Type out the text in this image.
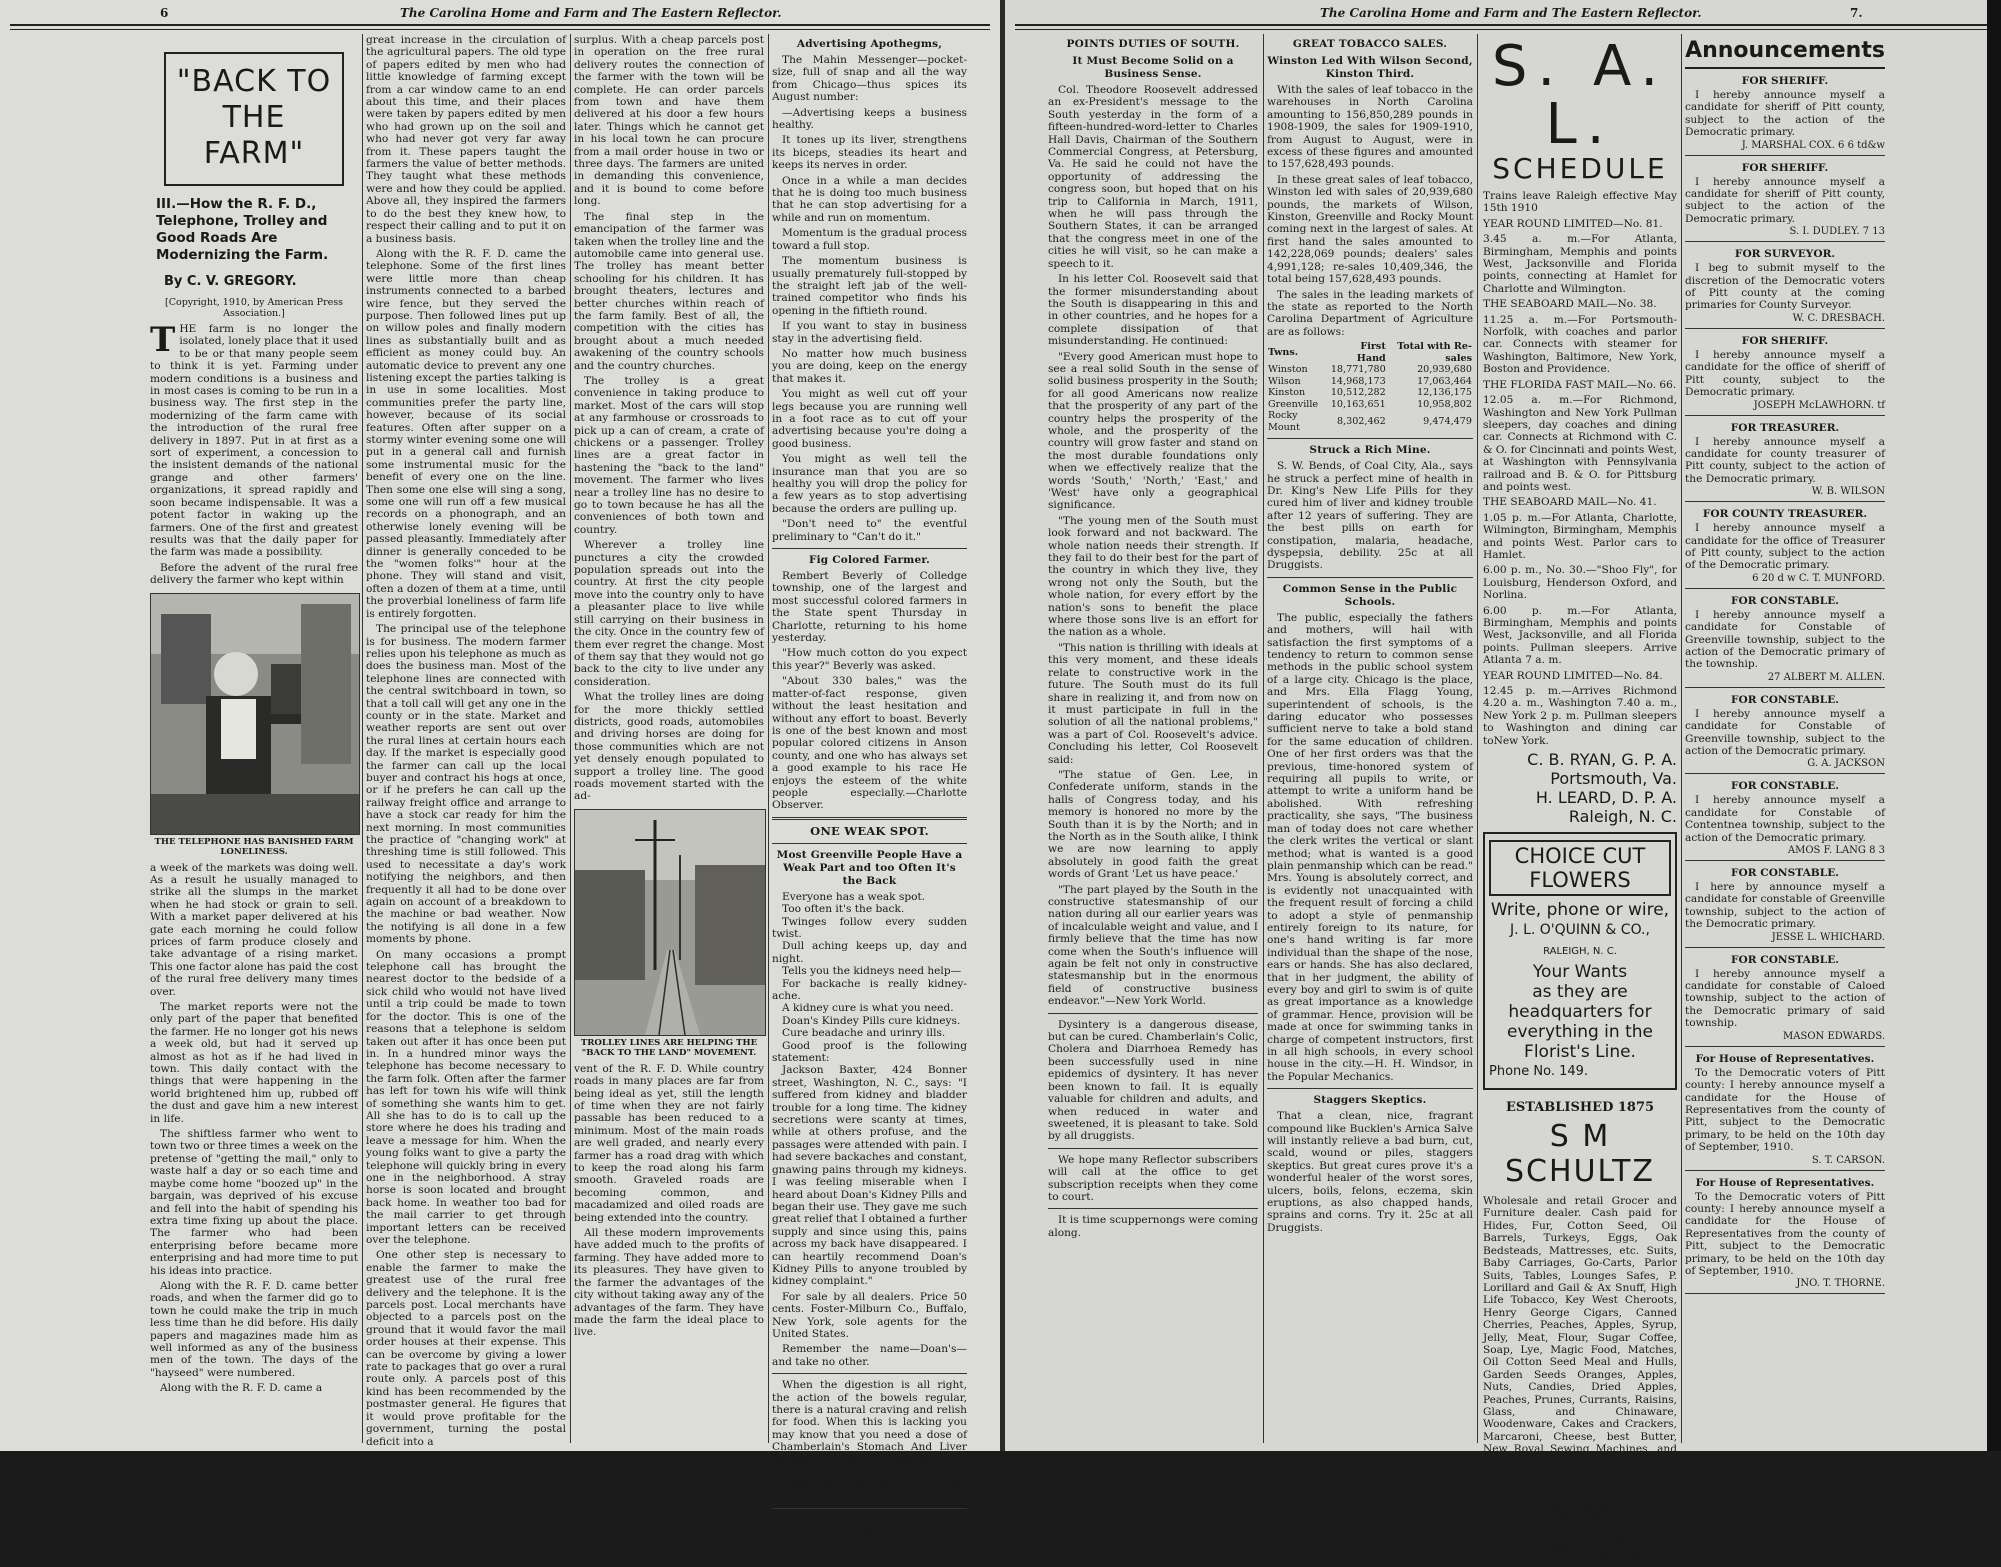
6	The Carolina Home and Farm and The Eastern Reflector.
"BACK TO
THE FARM"
III.—How the R. F. D., Telephone, Trolley and Good Roads Are Modernizing the Farm.
By C. V. GREGORY.
[Copyright, 1910, by American Press Association.]

THE farm is no longer the isolated, lonely place that it used to be or that many people seem to think it is yet. Farming under modern conditions is a business and in most cases is coming to be run in a business way. The first step in the modernizing of the farm came with the introduction of the rural free delivery in 1897. Put in at first as a sort of experiment, a concession to the insistent demands of the national grange and other farmers' organizations, it spread rapidly and soon became indispensable. It was a potent factor in waking up the farmers. One of the first and greatest results was that the daily paper for the farm was made a possibility.

Before the advent of the rural free delivery the farmer who kept within

THE TELEPHONE HAS BANISHED FARM LONELINESS.

a week of the markets was doing well. As a result he usually managed to strike all the slumps in the market when he had stock or grain to sell. With a market paper delivered at his gate each morning he could follow prices of farm produce closely and take advantage of a rising market. This one factor alone has paid the cost of the rural free delivery many times over.

The market reports were not the only part of the paper that benefited the farmer. He no longer got his news a week old, but had it served up almost as hot as if he had lived in town. This daily contact with the things that were happening in the world brightened him up, rubbed off the dust and gave him a new interest in life.

The shiftless farmer who went to town two or three times a week on the pretense of "getting the mail," only to waste half a day or so each time and maybe come home "boozed up" in the bargain, was deprived of his excuse and fell into the habit of spending his extra time fixing up about the place. The farmer who had been enterprising before became more enterprising and had more time to put his ideas into practice.

Along with the R. F. D. came better roads, and when the farmer did go to town he could make the trip in much less time than he did before. His daily papers and magazines made him as well informed as any of the business men of the town. The days of the "hayseed" were numbered.

Along with the R. F. D. came a

great increase in the circulation of the agricultural papers. The old type of papers edited by men who had little knowledge of farming except from a car window came to an end about this time, and their places were taken by papers edited by men who had grown up on the soil and who had never got very far away from it. These papers taught the farmers the value of better methods. They taught what these methods were and how they could be applied. Above all, they inspired the farmers to do the best they knew how, to respect their calling and to put it on a business basis.

Along with the R. F. D. came the telephone. Some of the first lines were little more than cheap instruments connected to a barbed wire fence, but they served the purpose. Then followed lines put up on willow poles and finally modern lines as substantially built and as efficient as money could buy. An automatic device to prevent any one listening except the parties talking is in use in some localities. Most communities prefer the party line, however, because of its social features. Often after supper on a stormy winter evening some one will put in a general call and furnish some instrumental music for the benefit of every one on the line. Then some one else will sing a song, some one will run off a few musical records on a phonograph, and an otherwise lonely evening will be passed pleasantly. Immediately after dinner is generally conceded to be the "women folks'" hour at the phone. They will stand and visit, often a dozen of them at a time, until the proverbial loneliness of farm life is entirely forgotten.

The principal use of the telephone is for business. The modern farmer relies upon his telephone as much as does the business man. Most of the telephone lines are connected with the central switchboard in town, so that a toll call will get any one in the county or in the state. Market and weather reports are sent out over the rural lines at certain hours each day. If the market is especially good the farmer can call up the local buyer and contract his hogs at once, or if he prefers he can call up the railway freight office and arrange to have a stock car ready for him the next morning. In most communities the practice of "changing work" at threshing time is still followed. This used to necessitate a day's work notifying the neighbors, and then frequently it all had to be done over again on account of a breakdown to the machine or bad weather. Now the notifying is all done in a few moments by phone.

On many occasions a prompt telephone call has brought the nearest doctor to the bedside of a sick child who would not have lived until a trip could be made to town for the doctor. This is one of the reasons that a telephone is seldom taken out after it has once been put in. In a hundred minor ways the telephone has become necessary to the farm folk. Often after the farmer has left for town his wife will think of something she wants him to get. All she has to do is to call up the store where he does his trading and leave a message for him. When the young folks want to give a party the telephone will quickly bring in every one in the neighborhood. A stray horse is soon located and brought back home. In weather too bad for the mail carrier to get through important letters can be received over the telephone.

One other step is necessary to enable the farmer to make the greatest use of the rural free delivery and the telephone. It is the parcels post. Local merchants have objected to a parcels post on the ground that it would favor the mail order houses at their expense. This can be overcome by giving a lower rate to packages that go over a rural route only. A parcels post of this kind has been recommended by the postmaster general. He figures that it would prove profitable for the government, turning the postal deficit into a

surplus. With a cheap parcels post in operation on the free rural delivery routes the connection of the farmer with the town will be complete. He can order parcels from town and have them delivered at his door a few hours later. Things which he cannot get in his local town he can procure from a mail order house in two or three days. The farmers are united in demanding this convenience, and it is bound to come before long.

The final step in the emancipation of the farmer was taken when the trolley line and the automobile came into general use. The trolley has meant better schooling for his children. It has brought theaters, lectures and better churches within reach of the farm family. Best of all, the competition with the cities has brought about a much needed awakening of the country schools and the country churches.

The trolley is a great convenience in taking produce to market. Most of the cars will stop at any farmhouse or crossroads to pick up a can of cream, a crate of chickens or a passenger. Trolley lines are a great factor in hastening the "back to the land" movement. The farmer who lives near a trolley line has no desire to go to town because he has all the conveniences of both town and country.

Wherever a trolley line punctures a city the crowded population spreads out into the country. At first the city people move into the country only to have a pleasanter place to live while still carrying on their business in the city. Once in the country few of them ever regret the change. Most of them say that they would not go back to the city to live under any consideration.

What the trolley lines are doing for the more thickly settled districts, good roads, automobiles and driving horses are doing for those communities which are not yet densely enough populated to support a trolley line. The good roads movement started with the ad-

TROLLEY LINES ARE HELPING THE "BACK TO THE LAND" MOVEMENT.

vent of the R. F. D. While country roads in many places are far from being ideal as yet, still the length of time when they are not fairly passable has been reduced to a minimum. Most of the main roads are well graded, and nearly every farmer has a road drag with which to keep the road along his farm smooth. Graveled roads are becoming common, and macadamized and oiled roads are being extended into the country.

All these modern improvements have added much to the profits of farming. They have added more to its pleasures. They have given to the farmer the advantages of the city without taking away any of the advantages of the farm. They have made the farm the ideal place to live.

Advertising Apothegms,

The Mahin Messenger—pocket-size, full of snap and all the way from Chicago—thus spices its August number:

—Advertising keeps a business healthy.

It tones up its liver, strengthens its biceps, steadies its heart and keeps its nerves in order.

Once in a while a man decides that he is doing too much business that he can stop advertising for a while and run on momentum.

Momentum is the gradual process toward a full stop.

The momentum business is usually prematurely full-stopped by the straight left jab of the well-trained competitor who finds his opening in the fiftieth round.

If you want to stay in business stay in the advertising field.

No matter how much business you are doing, keep on the energy that makes it.

You might as well cut off your legs because you are running well in a foot race as to cut off your advertising because you're doing a good business.

You might as well tell the insurance man that you are so healthy you will drop the policy for a few years as to stop advertising because the orders are pulling up.

"Don't need to" the eventful preliminary to "Can't do it."

Fig Colored Farmer.

Rembert Beverly of Colledge township, one of the largest and most successful colored farmers in the State spent Thursday in Charlotte, returning to his home yesterday.

"How much cotton do you expect this year?" Beverly was asked.

"About 330 bales," was the matter-of-fact response, given without the least hesitation and without any effort to boast. Beverly is one of the best known and most popular colored citizens in Anson county, and one who has always set a good example to his race He enjoys the esteem of the white people especially.—Charlotte Observer.

ONE WEAK SPOT.
Most Greenville People Have a Weak Part and too Often It's the Back

Everyone has a weak spot.

Too often it's the back.

Twinges follow every sudden twist.

Dull aching keeps up, day and night.

Tells you the kidneys need help—

For backache is really kidney-ache.

A kidney cure is what you need.

Doan's Kindey Pills cure kidneys.

Cure beadache and urinry ills.

Good proof is the following statement:

Jackson Baxter, 424 Bonner street, Washington, N. C., says: "I suffered from kidney and bladder trouble for a long time. The kidney secretions were scanty at times, while at others profuse, and the passages were attended with pain. I had severe backaches and constant, gnawing pains through my kidneys. I was feeling miserable when I heard about Doan's Kidney Pills and began their use. They gave me such great relief that I obtained a further supply and since using this, pains across my back have disappeared. I can heartily recommend Doan's Kidney Pills to anyone troubled by kidney complaint."

For sale by all dealers. Price 50 cents. Foster-Milburn Co., Buffalo, New York, sole agents for the United States.

Remember the name—Doan's—and take no other.

When the digestion is all right, the action of the bowels regular, there is a natural craving and relish for food. When this is lacking you may know that you need a dose of Chamberlain's Stomach And Liver Tablets. They strengthen the digestive organs, improve the appetite and regulate the bowels. Sold by all druggists.

Our Greenville, Yours if You Come.
The Carolina Home and Farm and The Eastern Reflector.	7.
POINTS DUTIES OF SOUTH.
It Must Become Solid on a Business Sense.

Col. Theodore Roosevelt addressed an ex-President's message to the South yesterday in the form of a fifteen-hundred-word-letter to Charles Hall Davis, Chairman of the Southern Commercial Congress, at Petersburg, Va. He said he could not have the opportunity of addressing the congress soon, but hoped that on his trip to California in March, 1911, when he will pass through the Southern States, it can be arranged that the congress meet in one of the cities he will visit, so he can make a speech to it.

In his letter Col. Roosevelt said that the former misunderstanding about the South is disappearing in this and in other countries, and he hopes for a complete dissipation of that misunderstanding. He continued:

"Every good American must hope to see a real solid South in the sense of solid business prosperity in the South; for all good Americans now realize that the prosperity of any part of the country helps the prosperity of the whole, and the prosperity of the country will grow faster and stand on the most durable foundations only when we effectively realize that the words 'South,' 'North,' 'East,' and 'West' have only a geographical significance.

"The young men of the South must look forward and not backward. The whole nation needs their strength. If they fail to do their best for the part of the country in which they live, they wrong not only the South, but the whole nation, for every effort by the nation's sons to benefit the place where those sons live is an effort for the nation as a whole.

"This nation is thrilling with ideals at this very moment, and these ideals relate to constructive work in the future. The South must do its full share in realizing it, and from now on it must participate in full in the solution of all the national problems," was a part of Col. Roosevelt's advice. Concluding his letter, Col Roosevelt said:

"The statue of Gen. Lee, in Confederate uniform, stands in the halls of Congress today, and his memory is honored no more by the South than it is by the North; and in the North as in the South alike, I think we are now learning to apply absolutely in good faith the great words of Grant 'Let us have peace.'

"The part played by the South in the constructive statesmanship of our nation during all our earlier years was of incalculable weight and value, and I firmly believe that the time has now come when the South's influence will again be felt not only in constructive statesmanship but in the enormous field of constructive business endeavor."—New York World.

Dysintery is a dangerous disease, but can be cured. Chamberlain's Colic, Cholera and Diarrhoea Remedy has been successfully used in nine epidemics of dysintery. It has never been known to fail. It is equally valuable for children and adults, and when reduced in water and sweetened, it is pleasant to take. Sold by all druggists.

We hope many Reflector subscribers will call at the office to get subscription receipts when they come to court.

It is time scuppernongs were coming along.

GREAT TOBACCO SALES.
Winston Led With Wilson Second, Kinston Third.

With the sales of leaf tobacco in the warehouses in North Carolina amounting to 156,850,289 pounds in 1908-1909, the sales for 1909-1910, from August to August, were in excess of these figures and amounted to 157,628,493 pounds.

In these great sales of leaf tobacco, Winston led with sales of 20,939,680 pounds, the markets of Wilson, Kinston, Greenville and Rocky Mount coming next in the largest of sales. At first hand the sales amounted to 142,228,069 pounds; dealers' sales 4,991,128; re-sales 10,409,346, the total being 157,628,493 pounds.

The sales in the leading markets of the state as reported to the North Carolina Department of Agriculture are as follows:

Twns.	First Hand	Total with Re-sales
Winston	18,771,780	20,939,680
Wilson	14,968,173	17,063,464
Kinston	10,512,282	12,136,175
Greenville	10,163,651	10,958,802
Rocky Mount	8,302,462	9,474,479
Struck a Rich Mine.

S. W. Bends, of Coal City, Ala., says he struck a perfect mine of health in Dr. King's New Life Pills for they cured him of liver and kidney trouble after 12 years of suffering. They are the best pills on earth for constipation, malaria, headache, dyspepsia, debility. 25c at all Druggists.

Common Sense in the Public Schools.

The public, especially the fathers and mothers, will hail with satisfaction the first symptoms of a tendency to return to common sense methods in the public school system of a large city. Chicago is the place, and Mrs. Ella Flagg Young, superintendent of schools, is the daring educator who possesses sufficient nerve to take a bold stand for the same education of children. One of her first orders was that the previous, time-honored system of requiring all pupils to write, or attempt to write a uniform hand be abolished. With refreshing practicality, she says, "The business man of today does not care whether the clerk writes the vertical or slant method; what is wanted is a good plain penmanship which can be read." Mrs. Young is absolutely correct, and is evidently not unacquainted with the frequent result of forcing a child to adopt a style of penmanship entirely foreign to its nature, for one's hand writing is far more individual than the shape of the nose, ears or hands. She has also declared, that in her judgment, the ability of every boy and girl to swim is of quite as great importance as a knowledge of grammar. Hence, provision will be made at once for swimming tanks in charge of competent instructors, first in all high schools, in every school house in the city.—H. H. Windsor, in the Popular Mechanics.

Staggers Skeptics.

That a clean, nice, fragrant compound like Bucklen's Arnica Salve will instantly relieve a bad burn, cut, scald, wound or piles, staggers skeptics. But great cures prove it's a wonderful healer of the worst sores, ulcers, boils, felons, eczema, skin eruptions, as also chapped hands, sprains and corns. Try it. 25c at all Druggists.

S. A. L.
SCHEDULE

Trains leave Raleigh effective May 15th 1910

YEAR ROUND LIMITED—No. 81.

3.45 a. m.—For Atlanta, Birmingham, Memphis and points West, Jacksonville and Florida points, connecting at Hamlet for Charlotte and Wilmington.

THE SEABOARD MAIL—No. 38.

11.25 a. m.—For Portsmouth-Norfolk, with coaches and parlor car. Connects with steamer for Washington, Baltimore, New York, Boston and Providence.

THE FLORIDA FAST MAIL—No. 66.

12.05 a. m.—For Richmond, Washington and New York Pullman sleepers, day coaches and dining car. Connects at Richmond with C. & O. for Cincinnati and points West, at Washington with Pennsylvania railroad and B. & O. for Pittsburg and points west.

THE SEABOARD MAIL—No. 41.

1.05 p. m.—For Atlanta, Charlotte, Wilmington, Birmingham, Memphis and points West. Parlor cars to Hamlet.

6.00 p. m., No. 30.—"Shoo Fly", for Louisburg, Henderson Oxford, and Norlina.

6.00 p. m.—For Atlanta, Birmingham, Memphis and points West, Jacksonville, and all Florida points. Pullman sleepers. Arrive Atlanta 7 a. m.

YEAR ROUND LIMITED—No. 84.

12.45 p. m.—Arrives Richmond 4.20 a. m., Washington 7.40 a. m., New York 2 p. m. Pullman sleepers to Washington and dining car toNew York.

C. B. RYAN, G. P. A.
Portsmouth, Va.
H. LEARD, D. P. A.
Raleigh, N. C.
CHOICE CUT FLOWERS
Write, phone or wire,
J. L. O'QUINN & CO., RALEIGH, N. C.
Your Wants
as they are headquarters for everything in the Florist's Line.
Phone No. 149.
ESTABLISHED 1875
S M SCHULTZ

Wholesale and retail Grocer and Furniture dealer. Cash paid for Hides, Fur, Cotton Seed, Oil Barrels, Turkeys, Eggs, Oak Bedsteads, Mattresses, etc. Suits, Baby Carriages, Go-Carts, Parlor Suits, Tables, Lounges Safes, P. Lorillard and Gail & Ax Snuff, High Life Tobacco, Key West Cheroots, Henry George Cigars, Canned Cherries, Peaches, Apples, Syrup, Jelly, Meat, Flour, Sugar Coffee, Soap, Lye, Magic Food, Matches, Oil Cotton Seed Meal and Hulls, Garden Seeds Oranges, Apples, Nuts, Candies, Dried Apples, Peaches, Prunes, Currants, Raisins, Glass, and Chinaware, Woodenware, Cakes and Crackers, Marcaroni, Cheese, best Butter, New Royal Sewing Machines, and numerous other goods Quality and quantity cheap, for cash. Come to see me.

S M SCHULTZ
Announcements
FOR SHERIFF.

I hereby announce myself a candidate for sheriff of Pitt county, subject to the action of the Democratic primary.

J. MARSHAL COX. 6 6 td&w
FOR SHERIFF.

I hereby announce myself a candidate for sheriff of Pitt county, subject to the action of the Democratic primary.

S. I. DUDLEY. 7 13
FOR SURVEYOR.

I beg to submit myself to the discretion of the Democratic voters of Pitt county at the coming primaries for County Surveyor.

W. C. DRESBACH.
FOR SHERIFF.

I hereby announce myself a candidate for the office of sheriff of Pitt county, subject to the Democratic primary.

JOSEPH McLAWHORN. tf
FOR TREASURER.

I hereby announce myself a candidate for county treasurer of Pitt county, subject to the action of the Democratic primary.

W. B. WILSON
FOR COUNTY TREASURER.

I hereby announce myself a candidate for the office of Treasurer of Pitt county, subject to the action of the Democratic primary.

6 20 d w C. T. MUNFORD.
FOR CONSTABLE.

I hereby announce myself a candidate for Constable of Greenville township, subject to the action of the Democratic primary of the township.

27 ALBERT M. ALLEN.
FOR CONSTABLE.

I hereby announce myself a candidate for Constable of Greenville township, subject to the action of the Democratic primary.

G. A. JACKSON
FOR CONSTABLE.

I hereby announce myself a candidate for Constable of Contentnea township, subject to the action of the Democratic primary.

AMOS F. LANG 8 3
FOR CONSTABLE.

I here by announce myself a candidate for constable of Greenville township, subject to the action of the Democratic primary.

JESSE L. WHICHARD.
FOR CONSTABLE.

I hereby announce myself a candidate for constable of Caloed township, subject to the action of the Democratic primary of said township.

MASON EDWARDS.
For House of Representatives.

To the Democratic voters of Pitt county: I hereby announce myself a candidate for the House of Representatives from the county of Pitt, subject to the Democratic primary, to be held on the 10th day of September, 1910.

S. T. CARSON.
For House of Representatives.

To the Democratic voters of Pitt county: I hereby announce myself a candidate for the House of Representatives from the county of Pitt, subject to the Democratic primary, to be held on the 10th day of September, 1910.

JNO. T. THORNE.
